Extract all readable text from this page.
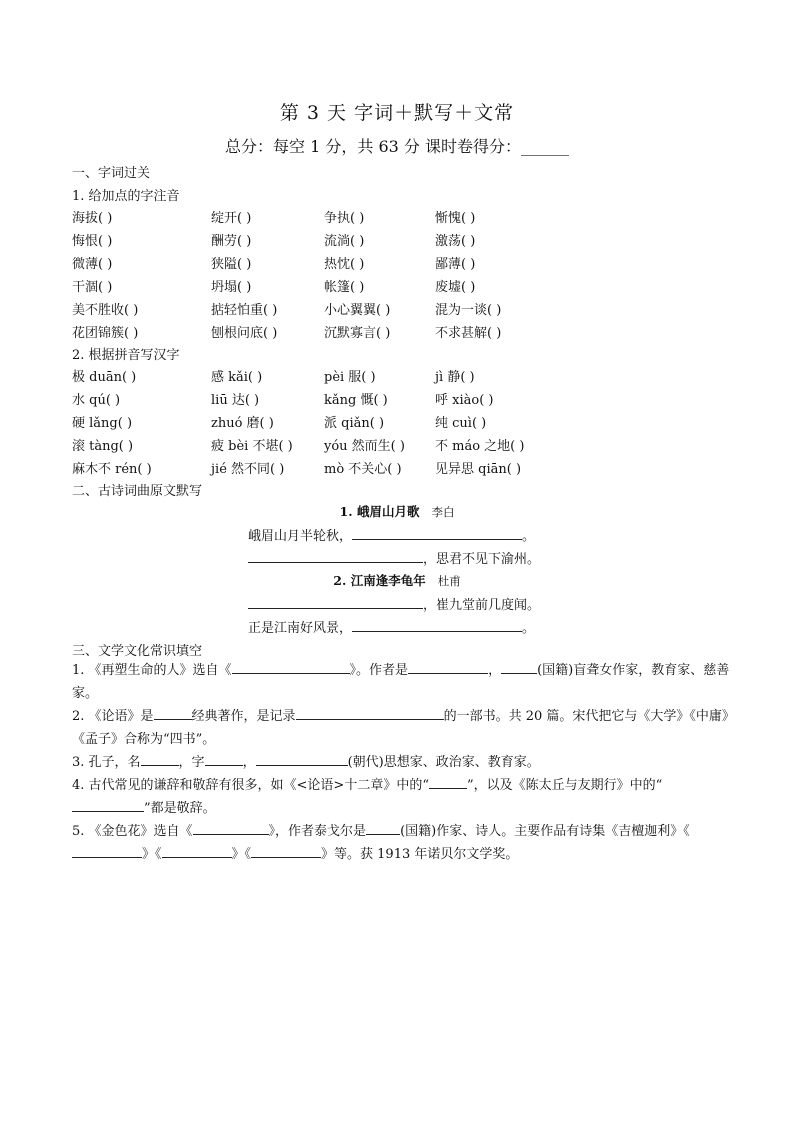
第 3 天 字词＋默写＋文常
总分：每空 1 分，共 63 分 课时卷得分：______
一、字词过关
1. 给加点的字注音
海拔( )	绽开( )	争执( )	惭愧( )
悔恨( )	酬劳( )	流淌( )	激荡( )
微薄( )	狭隘( )	热忱( )	鄙薄( )
干涸( )	坍塌( )	帐篷( )	废墟( )
美不胜收( )	掂轻怕重( )	小心翼翼( )	混为一谈( )
花团锦簇( )	刨根问底( )	沉默寡言( )	不求甚解( )
2. 根据拼音写汉字
极 duān( )	感 kǎi( )	pèi 服( )	jì 静( )
水 qú( )	liū 达( )	kǎng 慨( )	呼 xiào( )
硬 lǎng( )	zhuó 磨( )	派 qiǎn( )	纯 cuì( )
滚 tàng( )	疲 bèi 不堪( ) yóu 然而生( ) 不 máo 之地( )
麻木不 rén( )	jié 然不同( )	mò 不关心( )	见异思 qiān( )
二、古诗词曲原文默写
1. 峨眉山月歌 李白
峨眉山月半轮秋，	。
，思君不见下渝州。
2. 江南逢李龟年 杜甫
，崔九堂前几度闻。
正是江南好风景，	。
三、文学文化常识填空
1. 《再塑生命的人》选自《	》。作者是	，	(国籍)盲聋女作家，教育家、慈善家。
2. 《论语》是	经典著作，是记录	的一部书。共 20 篇。宋代把它与《大学》《中庸》《孟子》合称为“四书”。
3. 孔子，名	，字	，	(朝代)思想家、政治家、教育家。
4. 古代常见的谦辞和敬辞有很多，如《<论语>十二章》中的“	”，以及《陈太丘与友期行》中的“”都是敬辞。
5. 《金色花》选自《	》，作者泰戈尔是	(国籍)作家、诗人。主要作品有诗集《吉檀迦利》《》《	》《	》等。获 1913 年诺贝尔文学奖。
